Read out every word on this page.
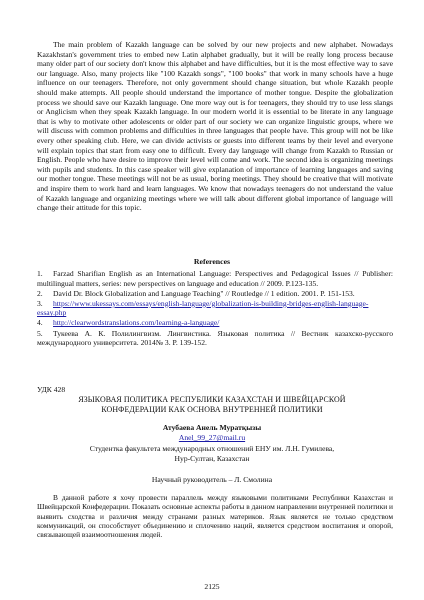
The main problem of Kazakh language can be solved by our new projects and new alphabet. Nowadays Kazakhstan's government tries to embed new Latin alphabet gradually, but it will be really long process because many older part of our society don't know this alphabet and have difficulties, but it is the most effective way to save our language. Also, many projects like "100 Kazakh songs", "100 books" that work in many schools have a huge influence on our teenagers. Therefore, not only government should change situation, but whole Kazakh people should make attempts. All people should understand the importance of mother tongue. Despite the globalization process we should save our Kazakh language. One more way out is for teenagers, they should try to use less slangs or Anglicism when they speak Kazakh language. In our modern world it is essential to be literate in any language that is why to motivate other adolescents or older part of our society we can organize linguistic groups, where we will discuss with common problems and difficulties in three languages that people have. This group will not be like every other speaking club. Here, we can divide activists or guests into different teams by their level and everyone will explain topics that start from easy one to difficult. Every day language will change from Kazakh to Russian or English. People who have desire to improve their level will come and work. The second idea is organizing meetings with pupils and students. In this case speaker will give explanation of importance of learning languages and saving our mother tongue. These meetings will not be as usual, boring meetings. They should be creative that will motivate and inspire them to work hard and learn languages. We know that nowadays teenagers do not understand the value of Kazakh language and organizing meetings where we will talk about different global importance of language will change their attitude for this topic.

References

1. Farzad Sharifian English as an International Language: Perspectives and Pedagogical Issues // Publisher: multilingual matters, series: new perspectives on language and education // 2009. P.123-135.
2. David Dr. Block Globalization and Language Teaching" // Routledge // 1 edition. 2001. P. 151-153.
3. https://www.ukessays.com/essays/english-language/globalization-is-building-bridges-english-language-essay.php
4. http://clearwordstranslations.com/learning-a-language/
5. Тукеева А. К. Полилингвизм. Лингвистика. Языковая политика // Вестник казахско-русского международного университета. 2014№ 3. P. 139-152.

УДК 428

ЯЗЫКОВАЯ ПОЛИТИКА РЕСПУБЛИКИ КАЗАХСТАН И ШВЕЙЦАРСКОЙ КОНФЕДЕРАЦИИ КАК ОСНОВА ВНУТРЕННЕЙ ПОЛИТИКИ

Атубаева Анель Муратқызы

Anel_99_27@mail.ru

Студентка факультета международных отношений ЕНУ им. Л.Н. Гумилева,
Нур-Султан, Казахстан

Научный руководитель – Л. Смолина

В данной работе я хочу провести параллель между языковыми политиками Республики Казахстан и Швейцарской Конфедерации. Показать основные аспекты работы в данном направлении внутренней политики и выявить сходства и различия между странами разных материков. Язык является не только средством коммуникаций, он способствует объединению и сплочению наций, является средством воспитания и опорой, связывающей взаимоотношения людей.

2125
